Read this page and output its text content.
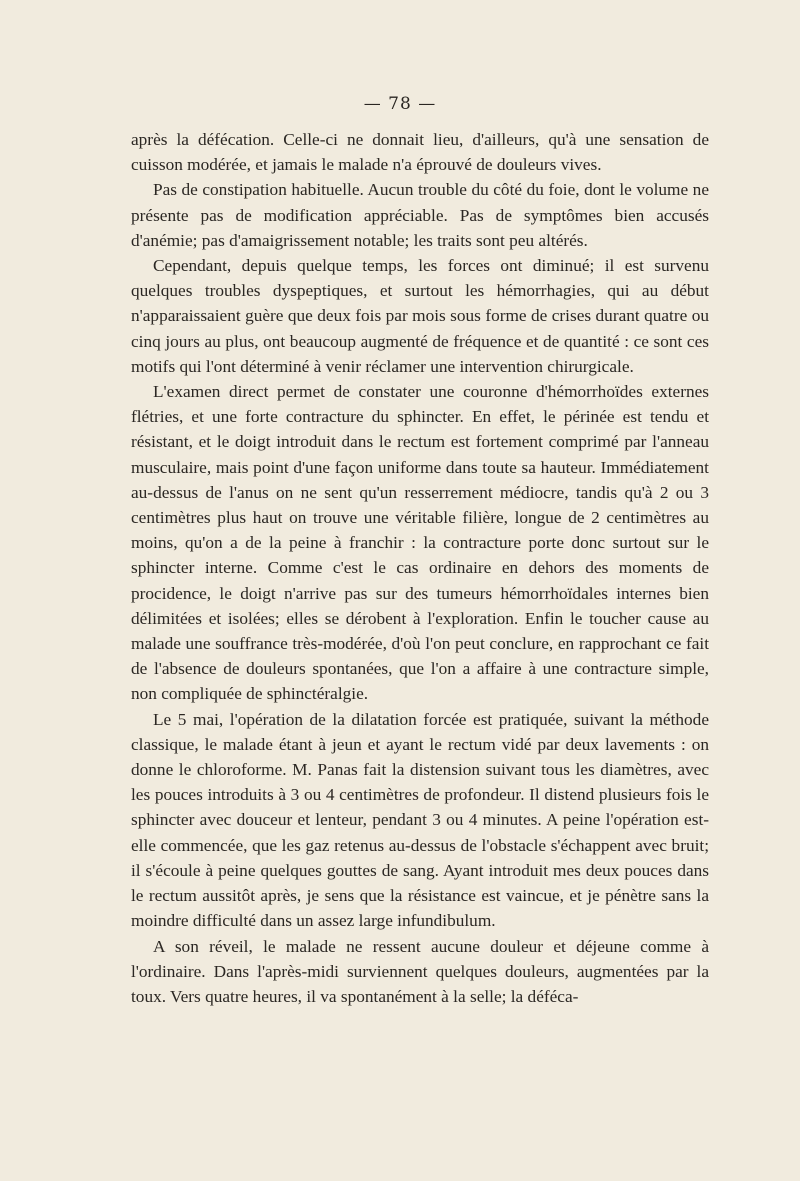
— 78 —

après la défécation. Celle-ci ne donnait lieu, d'ailleurs, qu'à une sensation de cuisson modérée, et jamais le malade n'a éprouvé de douleurs vives.

Pas de constipation habituelle. Aucun trouble du côté du foie, dont le volume ne présente pas de modification appréciable. Pas de symptômes bien accusés d'anémie; pas d'amaigrissement notable; les traits sont peu altérés.

Cependant, depuis quelque temps, les forces ont diminué; il est survenu quelques troubles dyspeptiques, et surtout les hémorrhagies, qui au début n'apparaissaient guère que deux fois par mois sous forme de crises durant quatre ou cinq jours au plus, ont beaucoup augmenté de fréquence et de quantité : ce sont ces motifs qui l'ont déterminé à venir réclamer une intervention chirurgicale.

L'examen direct permet de constater une couronne d'hémorrhoïdes externes flétries, et une forte contracture du sphincter. En effet, le périnée est tendu et résistant, et le doigt introduit dans le rectum est fortement comprimé par l'anneau musculaire, mais point d'une façon uniforme dans toute sa hauteur. Immédiatement au-dessus de l'anus on ne sent qu'un resserrement médiocre, tandis qu'à 2 ou 3 centimètres plus haut on trouve une véritable filière, longue de 2 centimètres au moins, qu'on a de la peine à franchir : la contracture porte donc surtout sur le sphincter interne. Comme c'est le cas ordinaire en dehors des moments de procidence, le doigt n'arrive pas sur des tumeurs hémorrhoïdales internes bien délimitées et isolées; elles se dérobent à l'exploration. Enfin le toucher cause au malade une souffrance très-modérée, d'où l'on peut conclure, en rapprochant ce fait de l'absence de douleurs spontanées, que l'on a affaire à une contracture simple, non compliquée de sphinctéralgie.

Le 5 mai, l'opération de la dilatation forcée est pratiquée, suivant la méthode classique, le malade étant à jeun et ayant le rectum vidé par deux lavements : on donne le chloroforme. M. Panas fait la distension suivant tous les diamètres, avec les pouces introduits à 3 ou 4 centimètres de profondeur. Il distend plusieurs fois le sphincter avec douceur et lenteur, pendant 3 ou 4 minutes. A peine l'opération est-elle commencée, que les gaz retenus au-dessus de l'obstacle s'échappent avec bruit; il s'écoule à peine quelques gouttes de sang. Ayant introduit mes deux pouces dans le rectum aussitôt après, je sens que la résistance est vaincue, et je pénètre sans la moindre difficulté dans un assez large infundibulum.

A son réveil, le malade ne ressent aucune douleur et déjeune comme à l'ordinaire. Dans l'après-midi surviennent quelques douleurs, augmentées par la toux. Vers quatre heures, il va spontanément à la selle; la déféca-
